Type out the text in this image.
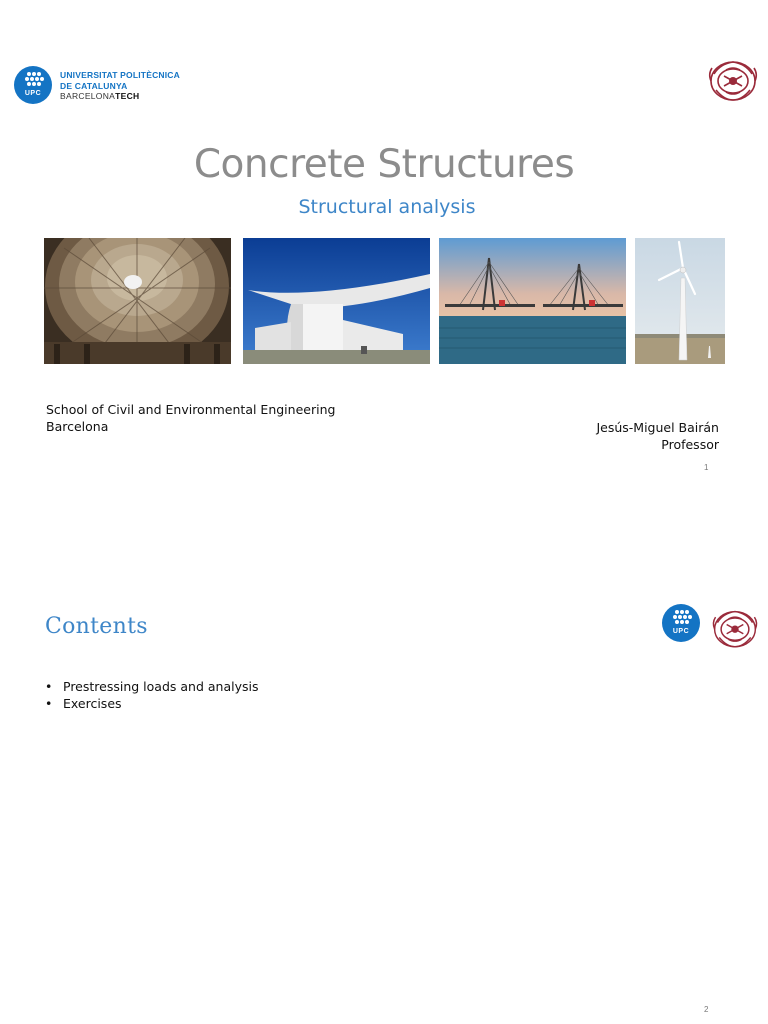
UPC
UNIVERSITAT POLITÈCNICA
DE CATALUNYA
BARCELONATECH
Concrete Structures
Structural analysis
School of Civil and Environmental Engineering
Barcelona	Jesús-Miguel Bairán
Professor
1
Contents	UPC
• Prestressing loads and analysis
• Exercises
2
